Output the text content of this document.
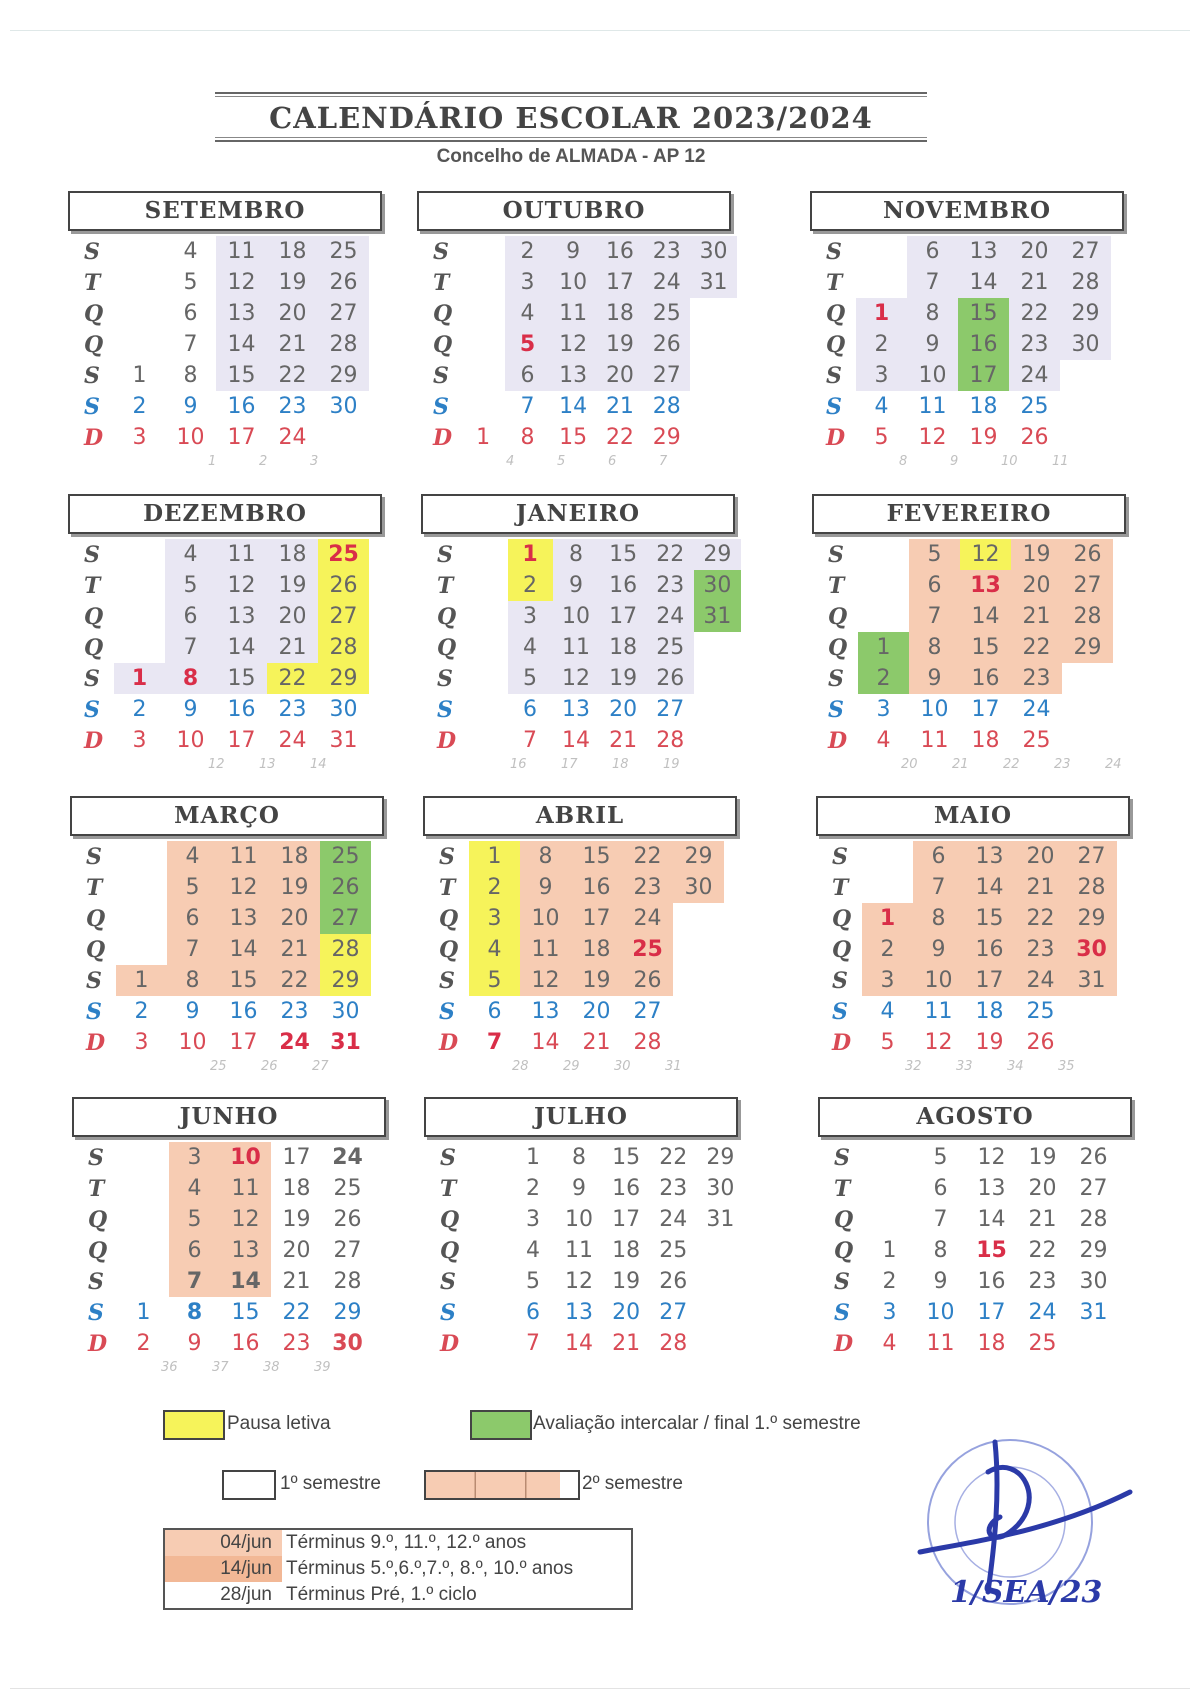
CALENDÁRIO ESCOLAR 2023/2024
Concelho de ALMADA - AP 12
SETEMBRO
S		4	11	18	25
T		5	12	19	26
Q		6	13	20	27
Q		7	14	21	28
S	1	8	15	22	29
S	2	9	16	23	30
D	3	10	17	24	
1	2	3
OUTUBRO
S		2	9	16	23	30
T		3	10	17	24	31
Q		4	11	18	25	
Q		5	12	19	26	
S		6	13	20	27	
S		7	14	21	28	
D	1	8	15	22	29	
4	5	6	7
NOVEMBRO
S		6	13	20	27
T		7	14	21	28
Q	1	8	15	22	29
Q	2	9	16	23	30
S	3	10	17	24	
S	4	11	18	25	
D	5	12	19	26	
8	9	10	11
DEZEMBRO
S		4	11	18	25
T		5	12	19	26
Q		6	13	20	27
Q		7	14	21	28
S	1	8	15	22	29
S	2	9	16	23	30
D	3	10	17	24	31
12	13	14
JANEIRO
S		1	8	15	22	29
T		2	9	16	23	30
Q		3	10	17	24	31
Q		4	11	18	25	
S		5	12	19	26	
S		6	13	20	27	
D		7	14	21	28	
16	17	18	19
FEVEREIRO
S		5	12	19	26
T		6	13	20	27
Q		7	14	21	28
Q	1	8	15	22	29
S	2	9	16	23	
S	3	10	17	24	
D	4	11	18	25	
20	21	22	23	24
MARÇO
S		4	11	18	25
T		5	12	19	26
Q		6	13	20	27
Q		7	14	21	28
S	1	8	15	22	29
S	2	9	16	23	30
D	3	10	17	24	31
25	26	27
ABRIL
S	1	8	15	22	29
T	2	9	16	23	30
Q	3	10	17	24	
Q	4	11	18	25	
S	5	12	19	26	
S	6	13	20	27	
D	7	14	21	28	
28	29	30	31
MAIO
S		6	13	20	27
T		7	14	21	28
Q	1	8	15	22	29
Q	2	9	16	23	30
S	3	10	17	24	31
S	4	11	18	25	
D	5	12	19	26	
32	33	34	35
JUNHO
S		3	10	17	24
T		4	11	18	25
Q		5	12	19	26
Q		6	13	20	27
S		7	14	21	28
S	1	8	15	22	29
D	2	9	16	23	30
36	37	38	39
JULHO
S		1	8	15	22	29
T		2	9	16	23	30
Q		3	10	17	24	31
Q		4	11	18	25	
S		5	12	19	26	
S		6	13	20	27	
D		7	14	21	28	
AGOSTO
S		5	12	19	26
T		6	13	20	27
Q		7	14	21	28
Q	1	8	15	22	29
S	2	9	16	23	30
S	3	10	17	24	31
D	4	11	18	25	
Pausa letiva	Avaliação intercalar / final 1.º semestre
1º semestre	2º semestre
04/jun	Términus 9.º, 11.º, 12.º anos
14/jun	Términus 5.º,6.º,7.º, 8.º, 10.º anos
28/jun	Términus Pré, 1.º ciclo	1/SEA/23
